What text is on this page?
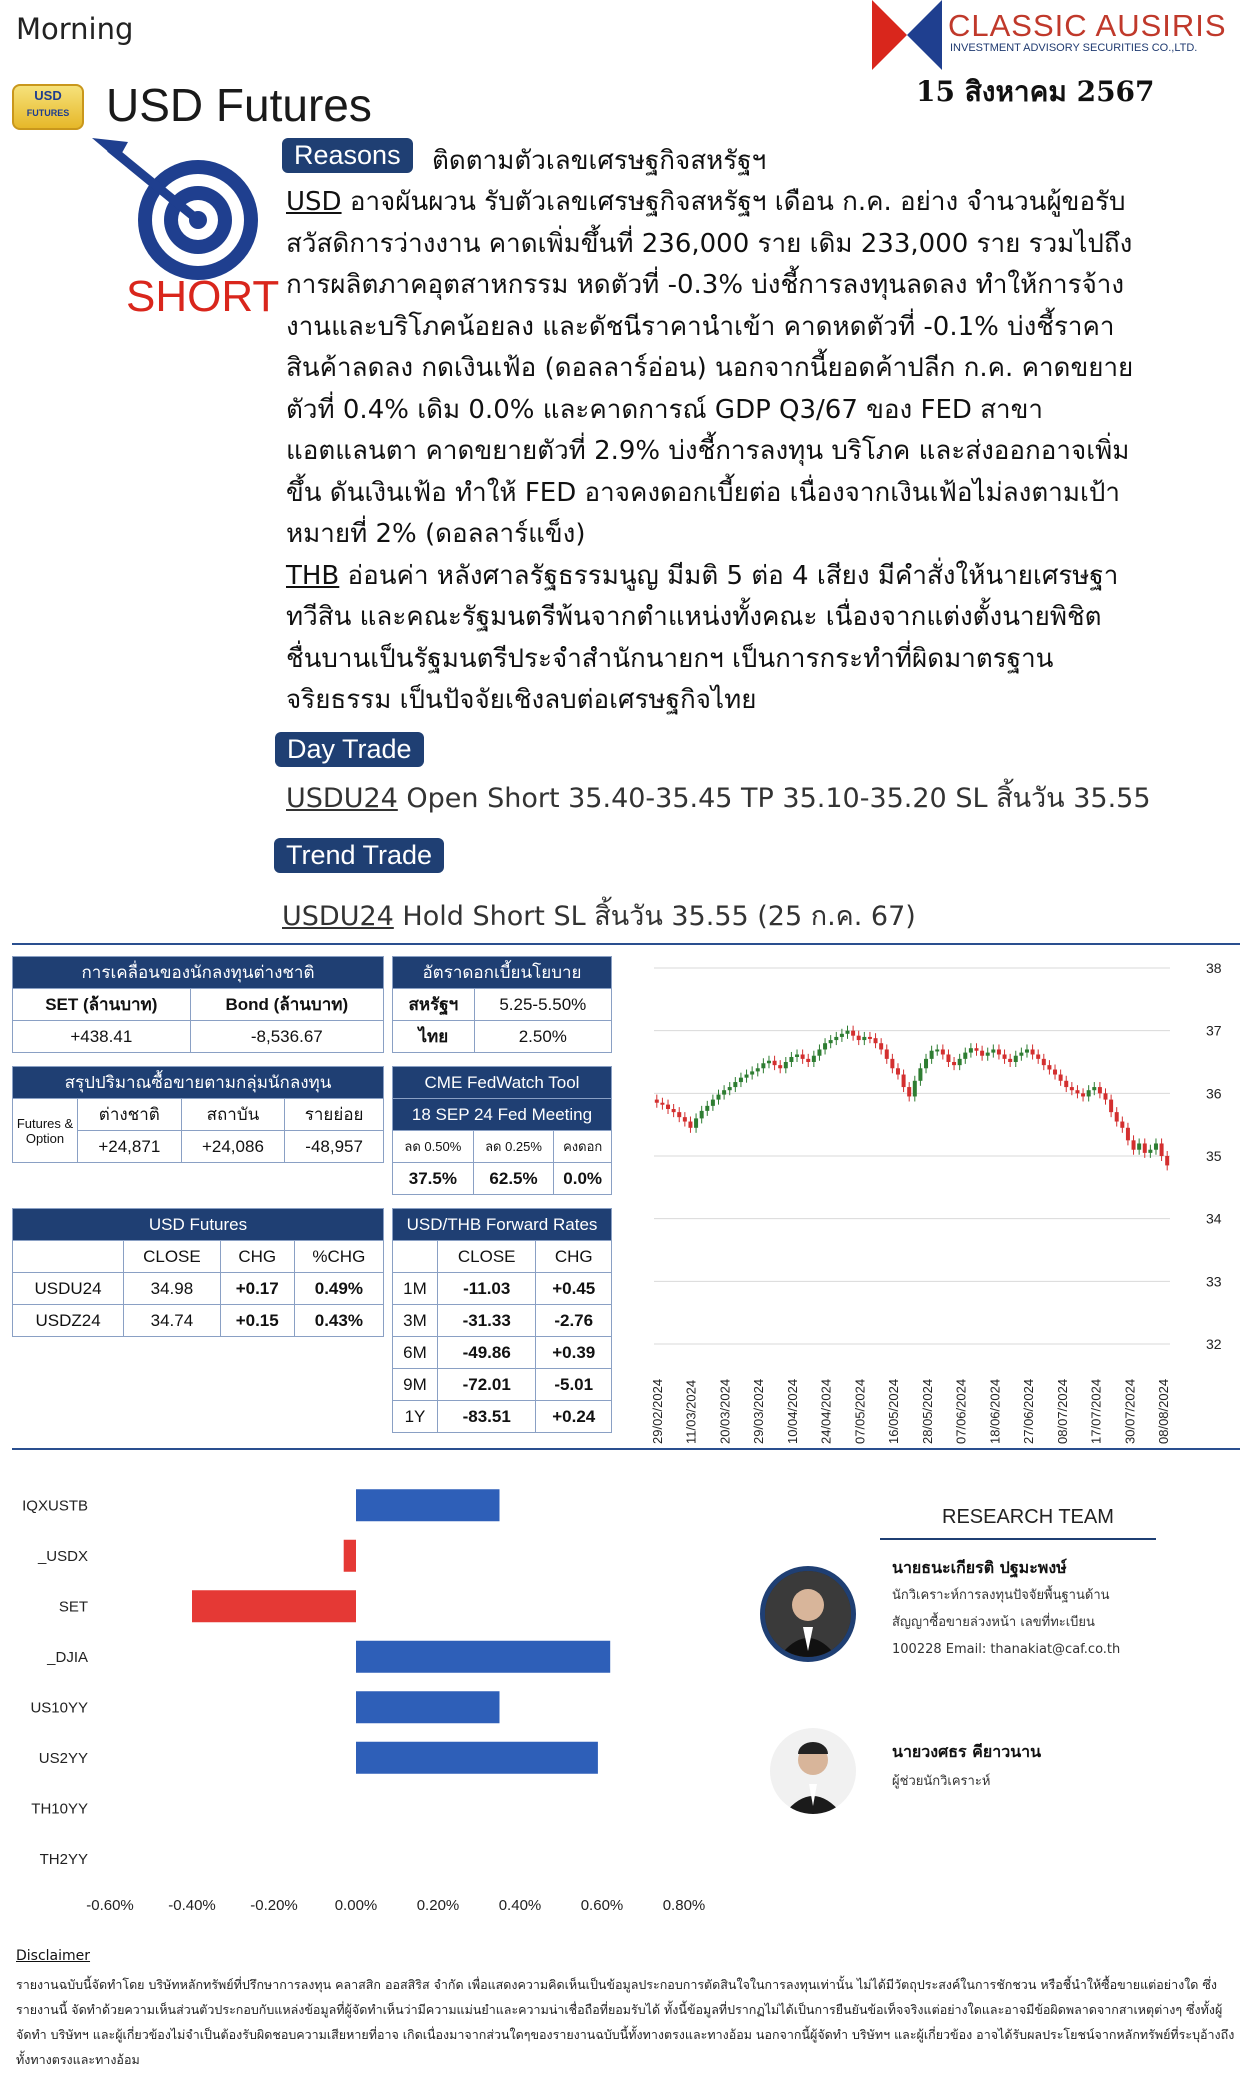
Morning	CLASSIC AUSIRIS
INVESTMENT ADVISORY SECURITIES CO.,LTD.
15 สิงหาคม 2567
USD
FUTURES USD Futures
SHORT
Reasons	ติดตามตัวเลขเศรษฐกิจสหรัฐฯ
USD อาจผันผวน รับตัวเลขเศรษฐกิจสหรัฐฯ เดือน ก.ค. อย่าง จำนวนผู้ขอรับสวัสดิการว่างงาน คาดเพิ่มขึ้นที่ 236,000 ราย เดิม 233,000 ราย รวมไปถึงการผลิตภาคอุตสาหกรรม หดตัวที่ -0.3% บ่งชี้การลงทุนลดลง ทำให้การจ้างงานและบริโภคน้อยลง และดัชนีราคานำเข้า คาดหดตัวที่ -0.1% บ่งชี้ราคาสินค้าลดลง กดเงินเฟ้อ (ดอลลาร์อ่อน) นอกจากนี้ยอดค้าปลีก ก.ค. คาดขยายตัวที่ 0.4% เดิม 0.0% และคาดการณ์ GDP Q3/67 ของ FED สาขาแอตแลนตา คาดขยายตัวที่ 2.9% บ่งชี้การลงทุน บริโภค และส่งออกอาจเพิ่มขึ้น ดันเงินเฟ้อ ทำให้ FED อาจคงดอกเบี้ยต่อ เนื่องจากเงินเฟ้อไม่ลงตามเป้าหมายที่ 2% (ดอลลาร์แข็ง)
THB อ่อนค่า หลังศาลรัฐธรรมนูญ มีมติ 5 ต่อ 4 เสียง มีคำสั่งให้นายเศรษฐา ทวีสิน และคณะรัฐมนตรีพ้นจากตำแหน่งทั้งคณะ เนื่องจากแต่งตั้งนายพิชิต ชื่นบานเป็นรัฐมนตรีประจำสำนักนายกฯ เป็นการกระทำที่ผิดมาตรฐานจริยธรรม เป็นปัจจัยเชิงลบต่อเศรษฐกิจไทย
Day Trade
USDU24 Open Short 35.40-35.45 TP 35.10-35.20 SL สิ้นวัน 35.55
Trend Trade
USDU24 Hold Short SL สิ้นวัน 35.55 (25 ก.ค. 67)
การเคลื่อนของนักลงทุนต่างชาติ	
SET (ล้านบาท)	Bond (ล้านบาท)
+438.41	-8,536.67
อัตราดอกเบี้ยนโยบาย	
สหรัฐฯ	5.25-5.50%
ไทย	2.50%
สรุปปริมาณซื้อขายตามกลุ่มนักลงทุน			

Futures &
Option	ต่างชาติ	สถาบัน	รายย่อย
	+24,871	+24,086	-48,957
CME FedWatch Tool		
18 SEP 24 Fed Meeting		
ลด 0.50%	ลด 0.25%	คงดอก
37.5%	62.5%	0.0%
USD Futures			
	CLOSE	CHG	%CHG
USDU24	34.98	+0.17	0.49%
USDZ24	34.74	+0.15	0.43%
USD/THB Forward Rates		
	CLOSE	CHG
1M	-11.03	+0.45
3M	-31.33	-2.76
6M	-49.86	+0.39
9M	-72.01	-5.01
1Y	-83.51	+0.24
38
37
36
35
34
33
32
29/02/2024 11/03/2024 20/03/2024 29/03/2024 10/04/2024 24/04/2024 07/05/2024 16/05/2024 28/05/2024 07/06/2024 18/06/2024 27/06/2024 08/07/2024 17/07/2024 30/07/2024 08/08/2024
IQXUSTB
_USDX
SET
_DJIA
US10YY
US2YY
TH10YY
TH2YY
-0.60% -0.40% -0.20% 0.00%	0.20%	0.40%	0.60%	0.80%
RESEARCH TEAM
นายธนะเกียรติ ปฐมะพงษ์
นักวิเคราะห์การลงทุนปัจจัยพื้นฐานด้าน
สัญญาซื้อขายล่วงหน้า เลขที่ทะเบียน
100228 Email: thanakiat@caf.co.th
นายวงศธร คียาวนาน
ผู้ช่วยนักวิเคราะห์
Disclaimer
รายงานฉบับนี้จัดทำโดย บริษัทหลักทรัพย์ที่ปรึกษาการลงทุน คลาสสิก ออสสิริส จำกัด เพื่อแสดงความคิดเห็นเป็นข้อมูลประกอบการตัดสินใจในการลงทุนเท่านั้น ไม่ได้มีวัตถุประสงค์ในการชักชวน หรือชี้นำให้ซื้อขายแต่อย่างใด ซึ่งรายงานนี้ จัดทำด้วยความเห็นส่วนตัวประกอบกับแหล่งข้อมูลที่ผู้จัดทำเห็นว่ามีความแม่นยำและความน่าเชื่อถือที่ยอมรับได้ ทั้งนี้ข้อมูลที่ปรากฏไม่ได้เป็นการยืนยันข้อเท็จจริงแต่อย่างใดและอาจมีข้อผิดพลาดจากสาเหตุต่างๆ ซึ่งทั้งผู้จัดทำ บริษัทฯ และผู้เกี่ยวข้องไม่จำเป็นต้องรับผิดชอบความเสียหายที่อาจ เกิดเนื่องมาจากส่วนใดๆของรายงานฉบับนี้ทั้งทางตรงและทางอ้อม นอกจากนี้ผู้จัดทำ บริษัทฯ และผู้เกี่ยวข้อง อาจได้รับผลประโยชน์จากหลักทรัพย์ที่ระบุอ้างถึงทั้งทางตรงและทางอ้อม
